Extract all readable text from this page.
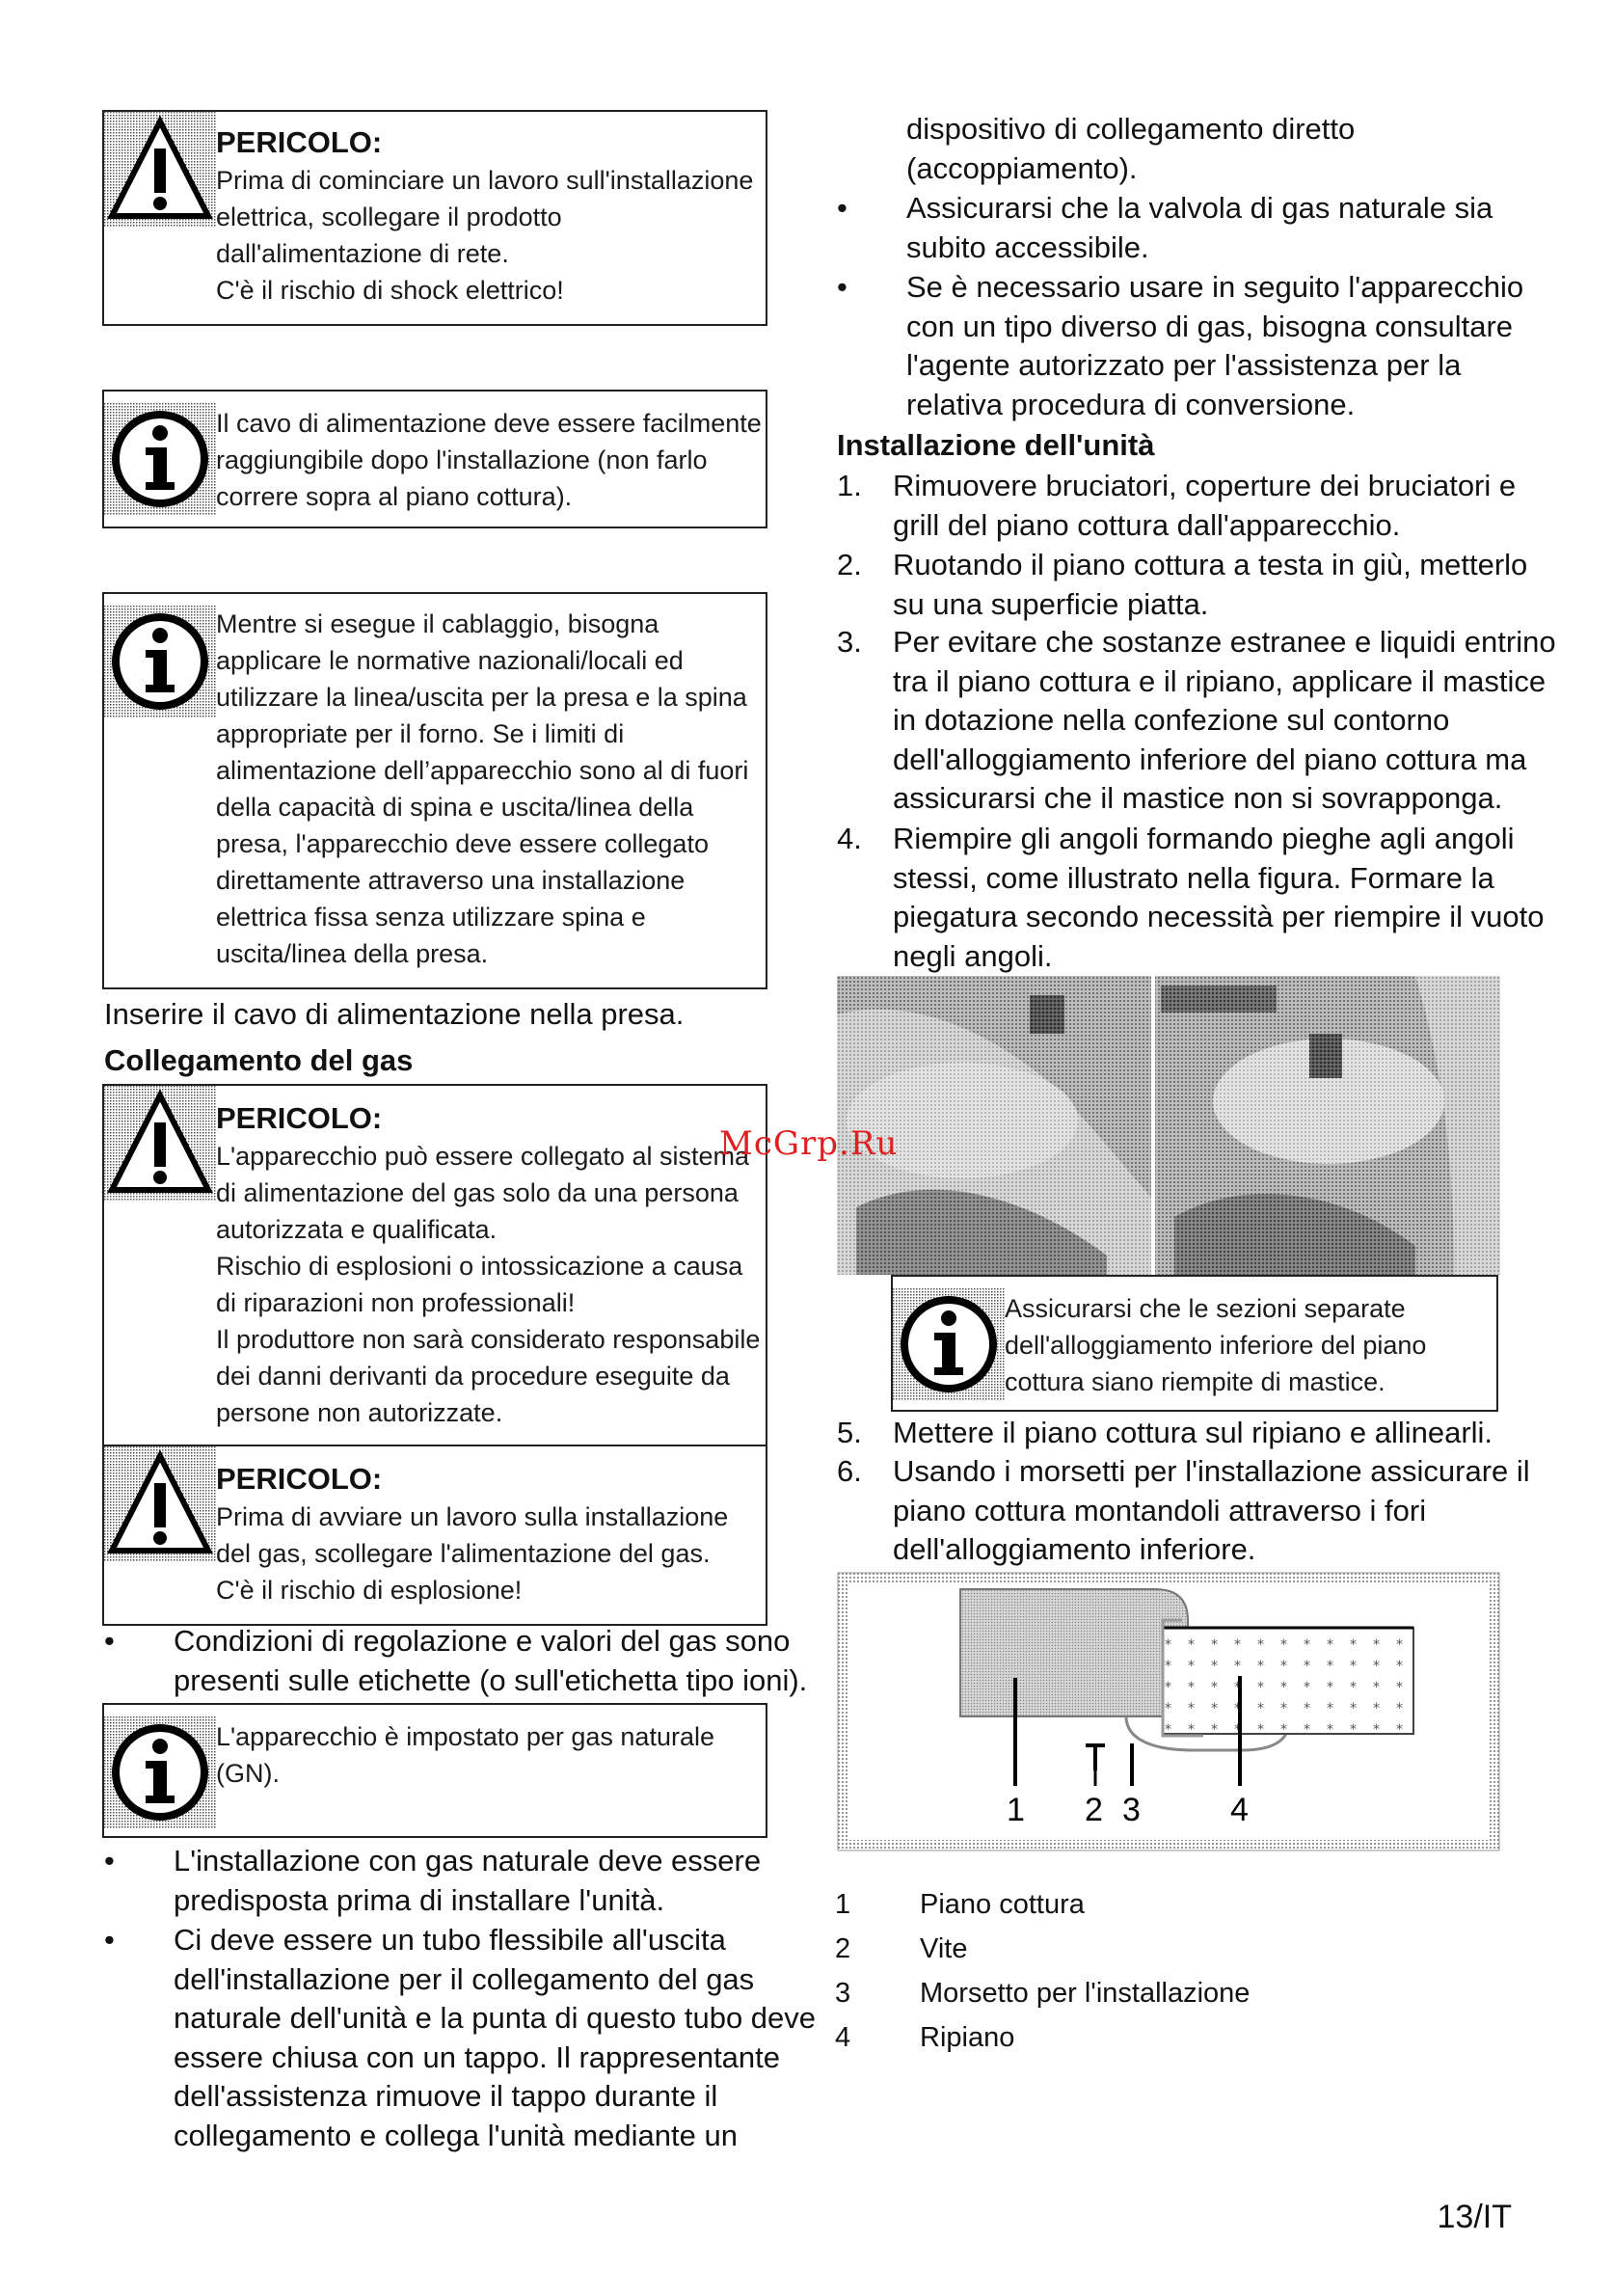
PERICOLO:
Prima di cominciare un lavoro sull'installazione
elettrica, scollegare il prodotto
dall'alimentazione di rete.
C'è il rischio di shock elettrico!
Il cavo di alimentazione deve essere facilmente
raggiungibile dopo l'installazione (non farlo
correre sopra al piano cottura).
Mentre si esegue il cablaggio, bisogna
applicare le normative nazionali/locali ed
utilizzare la linea/uscita per la presa e la spina
appropriate per il forno. Se i limiti di
alimentazione dell’apparecchio sono al di fuori
della capacità di spina e uscita/linea della
presa, l'apparecchio deve essere collegato
direttamente attraverso una installazione
elettrica fissa senza utilizzare spina e
uscita/linea della presa.
Inserire il cavo di alimentazione nella presa.
Collegamento del gas
PERICOLO:
L'apparecchio può essere collegato al sistema
di alimentazione del gas solo da una persona
autorizzata e qualificata.
Rischio di esplosioni o intossicazione a causa
di riparazioni non professionali!
Il produttore non sarà considerato responsabile
dei danni derivanti da procedure eseguite da
persone non autorizzate.
PERICOLO:
Prima di avviare un lavoro sulla installazione
del gas, scollegare l'alimentazione del gas.
C'è il rischio di esplosione!
• Condizioni di regolazione e valori del gas sono
presenti sulle etichette (o sull'etichetta tipo ioni).
L'apparecchio è impostato per gas naturale
(GN).
• L'installazione con gas naturale deve essere
predisposta prima di installare l'unità.
• Ci deve essere un tubo flessibile all'uscita
dell'installazione per il collegamento del gas
naturale dell'unità e la punta di questo tubo deve
essere chiusa con un tappo. Il rappresentante
dell'assistenza rimuove il tappo durante il
collegamento e collega l'unità mediante un
dispositivo di collegamento diretto
(accoppiamento).
• Assicurarsi che la valvola di gas naturale sia
subito accessibile.
• Se è necessario usare in seguito l'apparecchio
con un tipo diverso di gas, bisogna consultare
l'agente autorizzato per l'assistenza per la
relativa procedura di conversione.
Installazione dell'unità
1. Rimuovere bruciatori, coperture dei bruciatori e
grill del piano cottura dall'apparecchio.
2. Ruotando il piano cottura a testa in giù, metterlo
su una superficie piatta.
3. Per evitare che sostanze estranee e liquidi entrino
tra il piano cottura e il ripiano, applicare il mastice
in dotazione nella confezione sul contorno
dell'alloggiamento inferiore del piano cottura ma
assicurarsi che il mastice non si sovrapponga.
4. Riempire gli angoli formando pieghe agli angoli
stessi, come illustrato nella figura. Formare la
piegatura secondo necessità per riempire il vuoto
negli angoli.
Assicurarsi che le sezioni separate
dell'alloggiamento inferiore del piano
cottura siano riempite di mastice.
5. Mettere il piano cottura sul ripiano e allinearli.
6. Usando i morsetti per l'installazione assicurare il
piano cottura montandoli attraverso i fori
dell'alloggiamento inferiore.
1 2 3	4
1 Piano cottura
2 Vite
3 Morsetto per l'installazione
4 Ripiano
McGrp.Ru
13/IT
